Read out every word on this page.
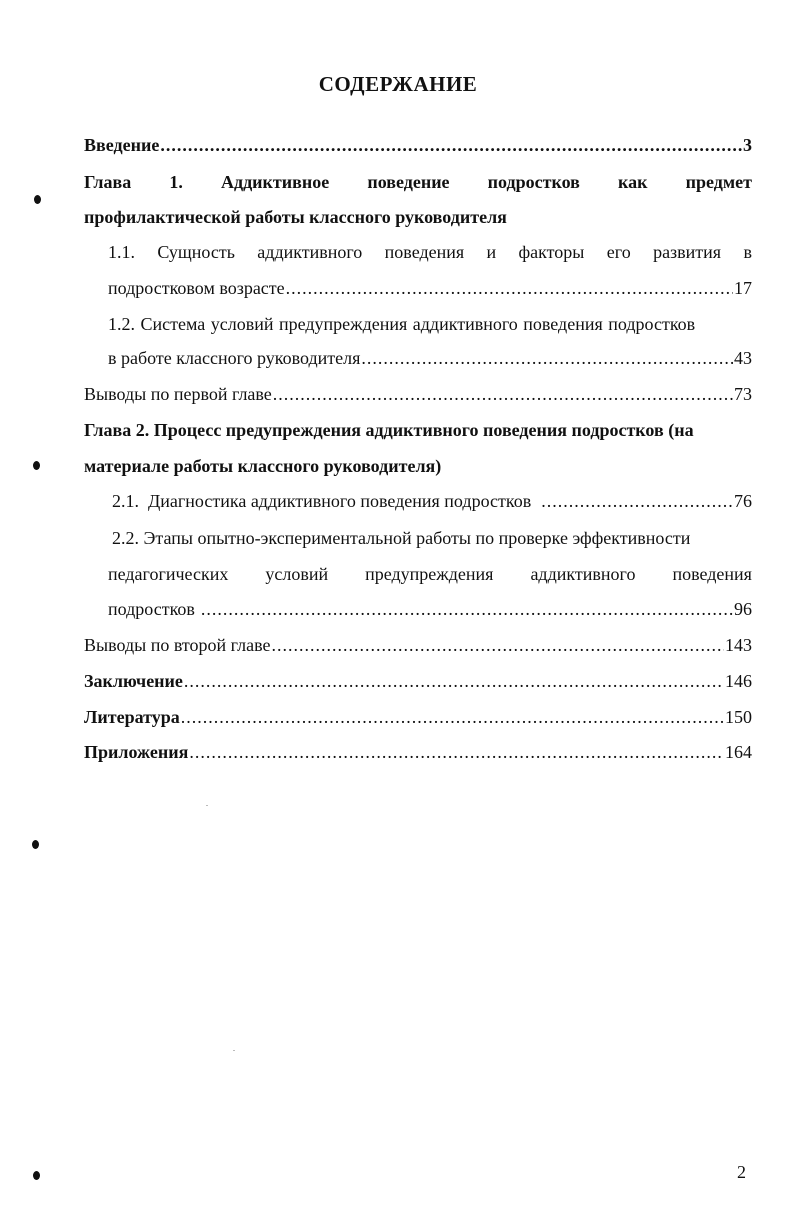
СОДЕРЖАНИЕ
Введение .....	3
Глава 1. Аддиктивное поведение подростков как предмет
профилактической работы классного руководителя
1.1. Сущность аддиктивного поведения и факторы его развития в
подростковом возрасте .....	17
1.2. Система условий предупреждения аддиктивного поведения подростков
в работе классного руководителя .....	43
Выводы по первой главе .....	73
Глава 2. Процесс предупреждения аддиктивного поведения подростков (на
материале работы классного руководителя)
2.1.  Диагностика аддиктивного поведения подростков .....	76
2.2. Этапы опытно-экспериментальной работы по проверке эффективности
педагогических условий предупреждения аддиктивного поведения
подростков .....	96
Выводы по второй главе .....	143
Заключение .....	146
Литература .....	150
Приложения .....	164
2
